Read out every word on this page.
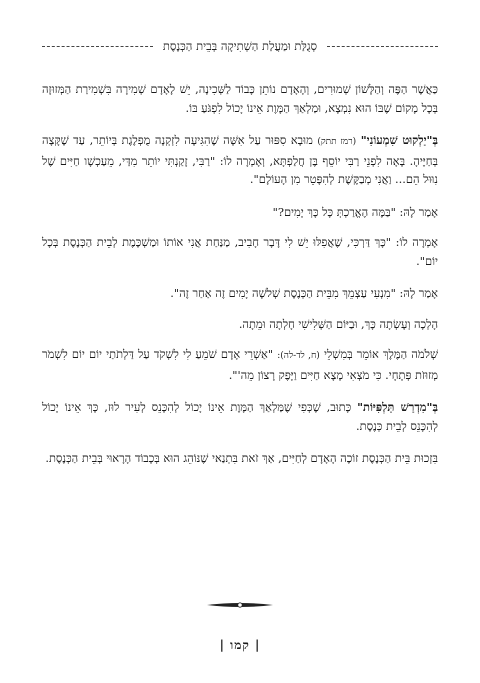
סְגֻלַּת וּמַעֲלַת הַשְׁתִיקָה בְּבֵית הַכְּנֶסֶת

כַּאֲשֶׁר הַפֶּה וְהַלָּשׁוֹן שְׁמוּרִים, וְהָאָדָם נוֹתֵן כָּבוֹד לַשְּׁכִינָה, יֵשׁ לָאָדָם שְׁמִירָה בִּשְׁמִירַת הַמְּזוּזָה בְּכָל מָקוֹם שֶׁבּוֹ הוּא נִמְצָא, וּמַלְאַךְ הַמָּוֶת אֵינוֹ יָכוֹל לִפְגֹּעַ בּוֹ.

בְּ"יַלְקוּט שִׁמְעוֹנִי" (רמז תתק) מוּבָא סִפּוּר עַל אִשָּׁה שֶׁהִגִּיעָה לִזְקְנָה מֻפְלֶגֶת בְּיוֹתֵר, עַד שֶׁקָּצָה בְּחַיֶּיהָ. בָּאָה לִפְנֵי רַבִּי יוֹסֵף בֶּן חֲלַפְתָּא, וְאָמְרָה לוֹ: "רַבִּי, זָקַנְתִּי יוֹתֵר מִדַּי, מֵעַכְשָׁו חַיִּים שֶׁל נִוּוּל הֵם... וַאֲנִי מְבַקֶּשֶׁת לְהִפָּטֵר מִן הָעוֹלָם".

אָמַר לָהּ: "בַּמֶּה הֶאֱרַכְתְּ כָּל כָּךְ יָמִים?"

אָמְרָה לוֹ: "כָּךְ דַּרְכִּי, שֶׁאֲפִלּוּ יֵשׁ לִי דָּבָר חָבִיב, מַנַּחַת אֲנִי אוֹתוֹ וּמַשְׁכֶּמֶת לְבֵית הַכְּנֶסֶת בְּכָל יוֹם".

אָמַר לָהּ: "מִנְעִי עַצְמֵךְ מִבֵּית הַכְּנֶסֶת שְׁלֹשָׁה יָמִים זֶה אַחַר זֶה".

הָלְכָה וְעָשְׂתָה כָּךְ, וּבַיּוֹם הַשְּׁלִישִׁי חָלְתָה וּמֵתָה.

שְׁלֹמֹה הַמֶּלֶךְ אוֹמֵר בְּמִשְׁלֵי (ח, לד-לה): "אַשְׁרֵי אָדָם שֹׁמֵעַ לִי לִשְׁקֹד עַל דַּלְתֹתַי יוֹם יוֹם לִשְׁמֹר מְזוּזֹת פְּתָחָי. כִּי מֹצְאִי מָצָא חַיִּים וַיָּפֶק רָצוֹן מֵה'".

בְּ"מִדְרַשׁ תַּלְפִּיּוֹת" כָּתוּב, שֶׁכְּפִי שֶׁמַּלְאַךְ הַמָּוֶת אֵינוֹ יָכוֹל לְהִכָּנֵס לְעִיר לוּז, כָּךְ אֵינוֹ יָכוֹל לְהִכָּנֵס לְבֵית כְּנֶסֶת.

בִּזְכוּת בֵּית הַכְּנֶסֶת זוֹכֶה הָאָדָם לְחַיִּים, אַךְ זֹאת בִּתְנַאי שֶׁנּוֹהֵג הוּא בְּכָבוֹד הָרָאוּי בְּבֵית הַכְּנֶסֶת.

| קמו |
